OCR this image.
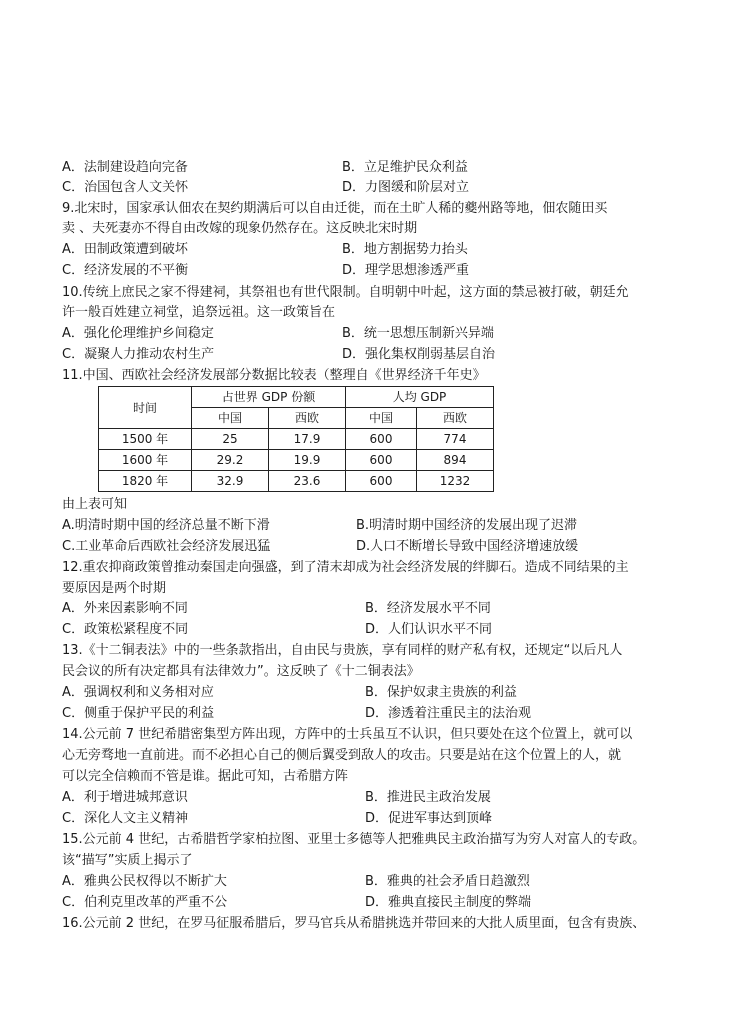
A．法制建设趋向完备	B．立足维护民众利益
C．治国包含人文关怀	D．力图缓和阶层对立
9.北宋时，国家承认佃农在契约期满后可以自由迁徙，而在土旷人稀的夔州路等地，佃农随田买
卖 、夫死妻亦不得自由改嫁的现象仍然存在。这反映北宋时期
A．田制政策遭到破坏	B．地方割据势力抬头
C．经济发展的不平衡	D．理学思想渗透严重
10.传统上庶民之家不得建祠，其祭祖也有世代限制。自明朝中叶起，这方面的禁忌被打破，朝廷允
许一般百姓建立祠堂，追祭远祖。这一政策旨在
A．强化伦理维护乡间稳定	B．统一思想压制新兴异端
C．凝聚人力推动农村生产	D．强化集权削弱基层自治
11.中国、西欧社会经济发展部分数据比较表（整理自《世界经济千年史》
由上表可知
A.明清时期中国的经济总量不断下滑	B.明清时期中国经济的发展出现了迟滞
C.工业革命后西欧社会经济发展迅猛	D.人口不断增长导致中国经济增速放缓
12.重农抑商政策曾推动秦国走向强盛，到了清末却成为社会经济发展的绊脚石。造成不同结果的主
要原因是两个时期
A．外来因素影响不同	B．经济发展水平不同
C．政策松紧程度不同	D．人们认识水平不同
13.《十二铜表法》中的一些条款指出，自由民与贵族，享有同样的财产私有权，还规定“以后凡人
民会议的所有决定都具有法律效力”。这反映了《十二铜表法》
A．强调权利和义务相对应	B．保护奴隶主贵族的利益
C．侧重于保护平民的利益	D．渗透着注重民主的法治观
14.公元前 7 世纪希腊密集型方阵出现，方阵中的士兵虽互不认识，但只要处在这个位置上，就可以
心无旁骛地一直前进。而不必担心自己的侧后翼受到敌人的攻击。只要是站在这个位置上的人，就
可以完全信赖而不管是谁。据此可知，古希腊方阵
A．利于增进城邦意识	B．推进民主政治发展
C．深化人文主义精神	D．促进军事达到顶峰
15.公元前 4 世纪，古希腊哲学家柏拉图、亚里士多德等人把雅典民主政治描写为穷人对富人的专政。
该“描写”实质上揭示了
A．雅典公民权得以不断扩大	B．雅典的社会矛盾日趋激烈
C．伯利克里改革的严重不公	D．雅典直接民主制度的弊端
16.公元前 2 世纪，在罗马征服希腊后，罗马官兵从希腊挑选并带回来的大批人质里面，包含有贵族、
时间	占世界 GDP 份额		人均 GDP	
	中国	西欧	中国	西欧
1500 年	25	17.9	600	774
1600 年	29.2	19.9	600	894
1820 年	32.9	23.6	600	1232
